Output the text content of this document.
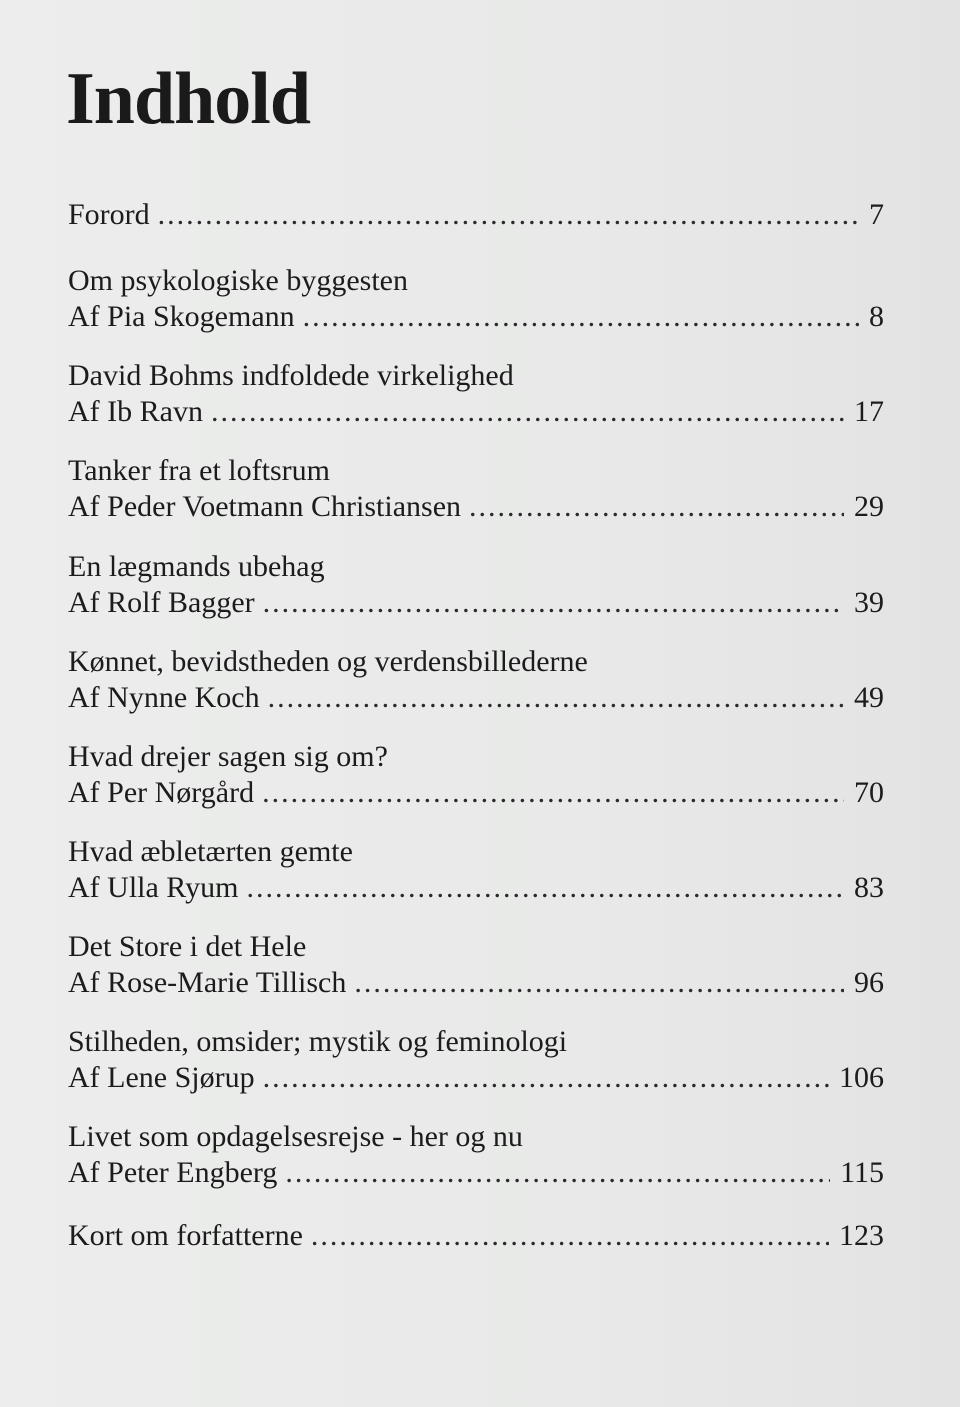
Indhold
Forord .....	7
Om psykologiske byggesten
Af Pia Skogemann .....	8
David Bohms indfoldede virkelighed
Af Ib Ravn .....	17
Tanker fra et loftsrum
Af Peder Voetmann Christiansen .....	29
En lægmands ubehag
Af Rolf Bagger .....	39
Kønnet, bevidstheden og verdensbillederne
Af Nynne Koch .....	49
Hvad drejer sagen sig om?
Af Per Nørgård .....	70
Hvad æbletærten gemte
Af Ulla Ryum .....	83
Det Store i det Hele
Af Rose-Marie Tillisch .....	96
Stilheden, omsider; mystik og feminologi
Af Lene Sjørup .....	106
Livet som opdagelsesrejse - her og nu
Af Peter Engberg .....	115
Kort om forfatterne .....	123
